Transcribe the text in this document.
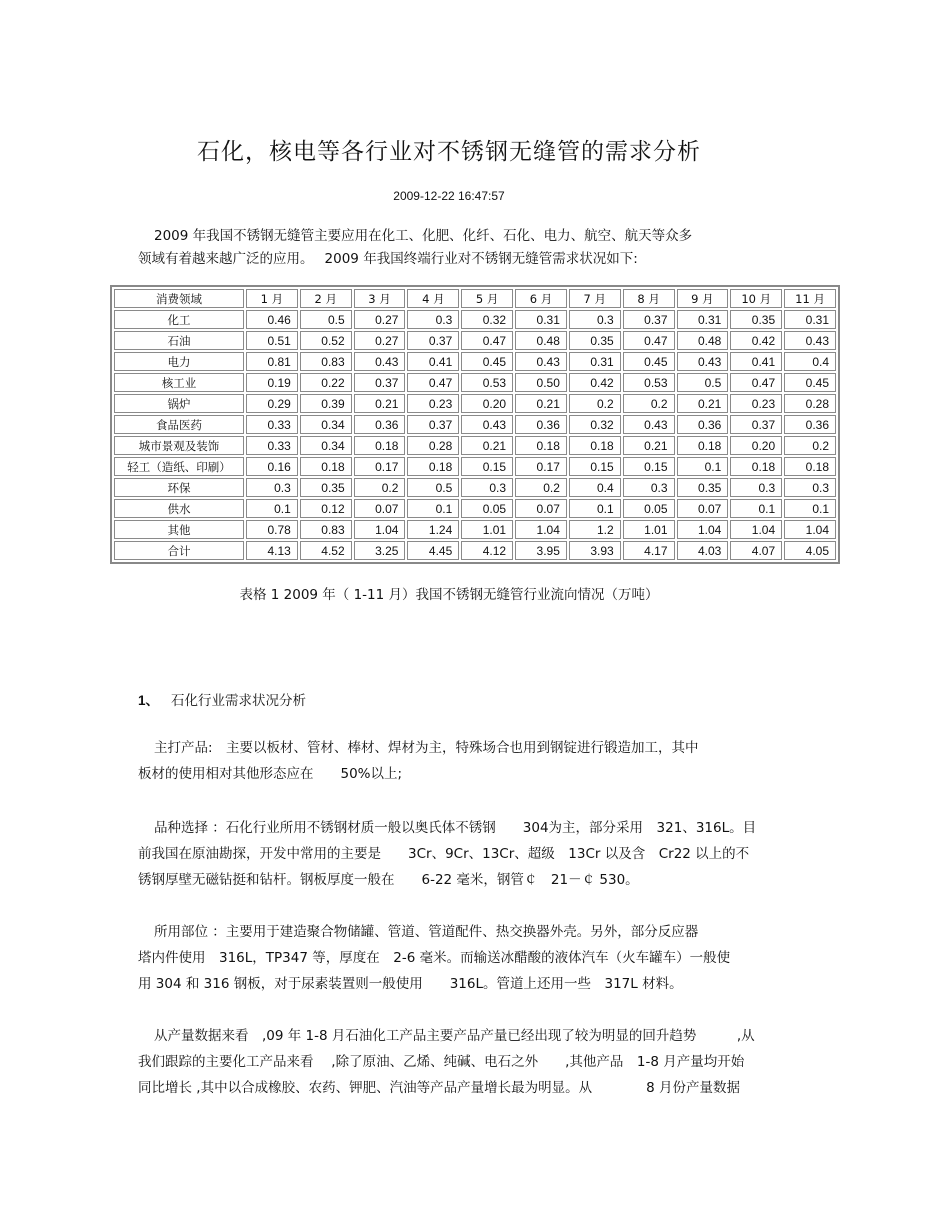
石化，核电等各行业对不锈钢无缝管的需求分析
2009-12-22 16:47:57
2009 年我国不锈钢无缝管主要应用在化工、化肥、化纤、石化、电力、航空、航天等众多
领域有着越来越广泛的应用。　 2009 年我国终端行业对不锈钢无缝管需求状况如下:
消费领域	1 月	2 月	3 月	4 月	5 月	6 月	7 月	8 月	9 月	10 月	11 月
化工	0.46	0.5	0.27	0.3	0.32	0.31	0.3	0.37	0.31	0.35	0.31
石油	0.51	0.52	0.27	0.37	0.47	0.48	0.35	0.47	0.48	0.42	0.43
电力	0.81	0.83	0.43	0.41	0.45	0.43	0.31	0.45	0.43	0.41	0.4
核工业	0.19	0.22	0.37	0.47	0.53	0.50	0.42	0.53	0.5	0.47	0.45
锅炉	0.29	0.39	0.21	0.23	0.20	0.21	0.2	0.2	0.21	0.23	0.28
食品医药	0.33	0.34	0.36	0.37	0.43	0.36	0.32	0.43	0.36	0.37	0.36
城市景观及装饰	0.33	0.34	0.18	0.28	0.21	0.18	0.18	0.21	0.18	0.20	0.2
轻工（造纸、印刷）	0.16	0.18	0.17	0.18	0.15	0.17	0.15	0.15	0.1	0.18	0.18
环保	0.3	0.35	0.2	0.5	0.3	0.2	0.4	0.3	0.35	0.3	0.3
供水	0.1	0.12	0.07	0.1	0.05	0.07	0.1	0.05	0.07	0.1	0.1
其他	0.78	0.83	1.04	1.24	1.01	1.04	1.2	1.01	1.04	1.04	1.04
合计	4.13	4.52	3.25	4.45	4.12	3.95	3.93	4.17	4.03	4.07	4.05
表格 1 2009 年（ 1-11 月）我国不锈钢无缝管行业流向情况（万吨）
1、 石化行业需求状况分析
主打产品:　主要以板材、管材、棒材、焊材为主，特殊场合也用到钢锭进行锻造加工，其中
板材的使用相对其他形态应在　　50%以上;
品种选择 ：石化行业所用不锈钢材质一般以奥氏体不锈钢　　304为主，部分采用　321、316L。目
前我国在原油勘探，开发中常用的主要是　　3Cr、9Cr、13Cr、超级　13Cr 以及含　Cr22 以上的不
锈钢厚壁无磁钻挺和钻杆。钢板厚度一般在　　6-22 毫米，钢管￠　21－￠ 530。
所用部位 ：主要用于建造聚合物储罐、管道、管道配件、热交换器外壳。另外，部分反应器
塔内件使用　316L，TP347 等，厚度在　2-6 毫米。而输送冰醋酸的液体汽车（火车罐车）一般使
用 304 和 316 钢板，对于尿素装置则一般使用　　316L。管道上还用一些　317L 材料。
从产量数据来看　,09 年 1-8 月石油化工产品主要产品产量已经出现了较为明显的回升趋势　　　,从
我们跟踪的主要化工产品来看　 ,除了原油、乙烯、纯碱、电石之外　　,其他产品　1-8 月产量均开始
同比增长 ,其中以合成橡胶、农药、钾肥、汽油等产品产量增长最为明显。从　　　　8 月份产量数据
